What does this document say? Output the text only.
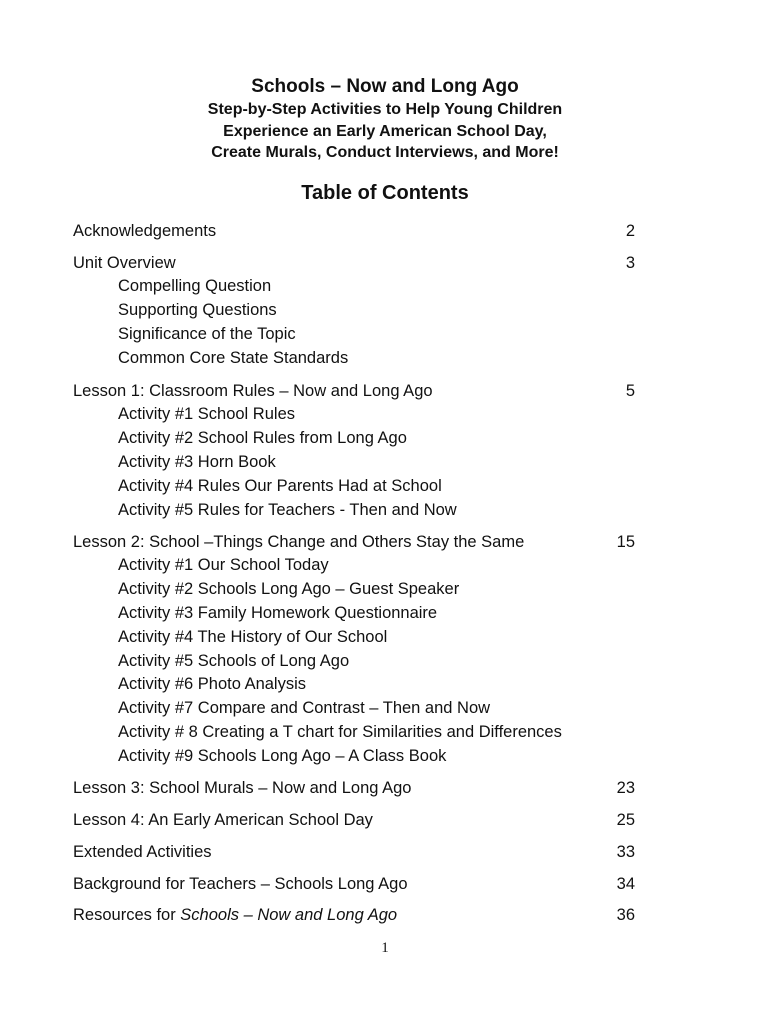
Schools – Now and Long Ago
Step-by-Step Activities to Help Young Children
Experience an Early American School Day,
Create Murals, Conduct Interviews, and More!
Table of Contents
Acknowledgements	2
Unit Overview	3
Compelling Question
Supporting Questions
Significance of the Topic
Common Core State Standards
Lesson 1: Classroom Rules – Now and Long Ago	5
Activity #1 School Rules
Activity #2 School Rules from Long Ago
Activity #3 Horn Book
Activity #4 Rules Our Parents Had at School
Activity #5 Rules for Teachers - Then and Now
Lesson 2: School –Things Change and Others Stay the Same	15
Activity #1 Our School Today
Activity #2 Schools Long Ago – Guest Speaker
Activity #3 Family Homework Questionnaire
Activity #4 The History of Our School
Activity #5 Schools of Long Ago
Activity #6 Photo Analysis
Activity #7 Compare and Contrast – Then and Now
Activity # 8 Creating a T chart for Similarities and Differences
Activity #9 Schools Long Ago – A Class Book
Lesson 3: School Murals – Now and Long Ago	23
Lesson 4: An Early American School Day	25
Extended Activities	33
Background for Teachers – Schools Long Ago	34
Resources for Schools – Now and Long Ago	36
1
